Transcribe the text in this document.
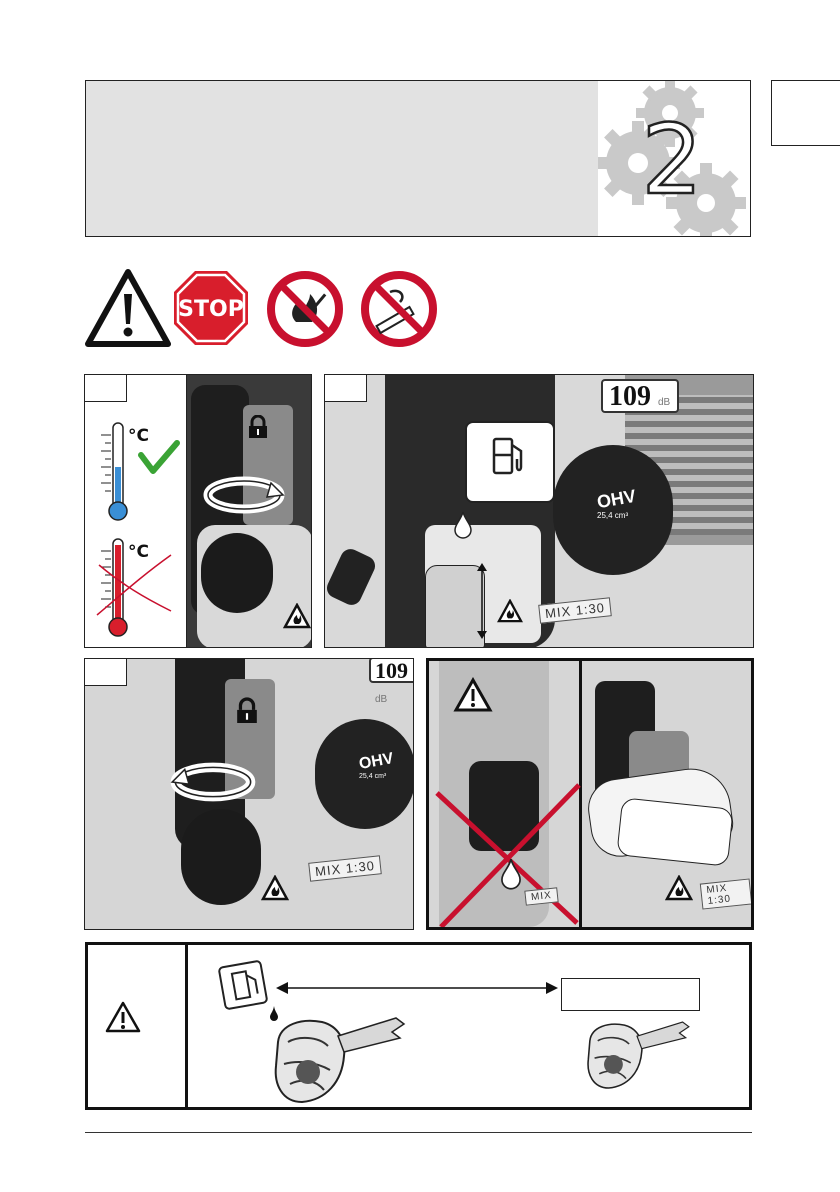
2
STOP
°C
°C
OHV
25,4 cm³
109 dB
MIX 1:30
OHV
25,4 cm³
109 dB
MIX 1:30
MIX
MIX 1:30
